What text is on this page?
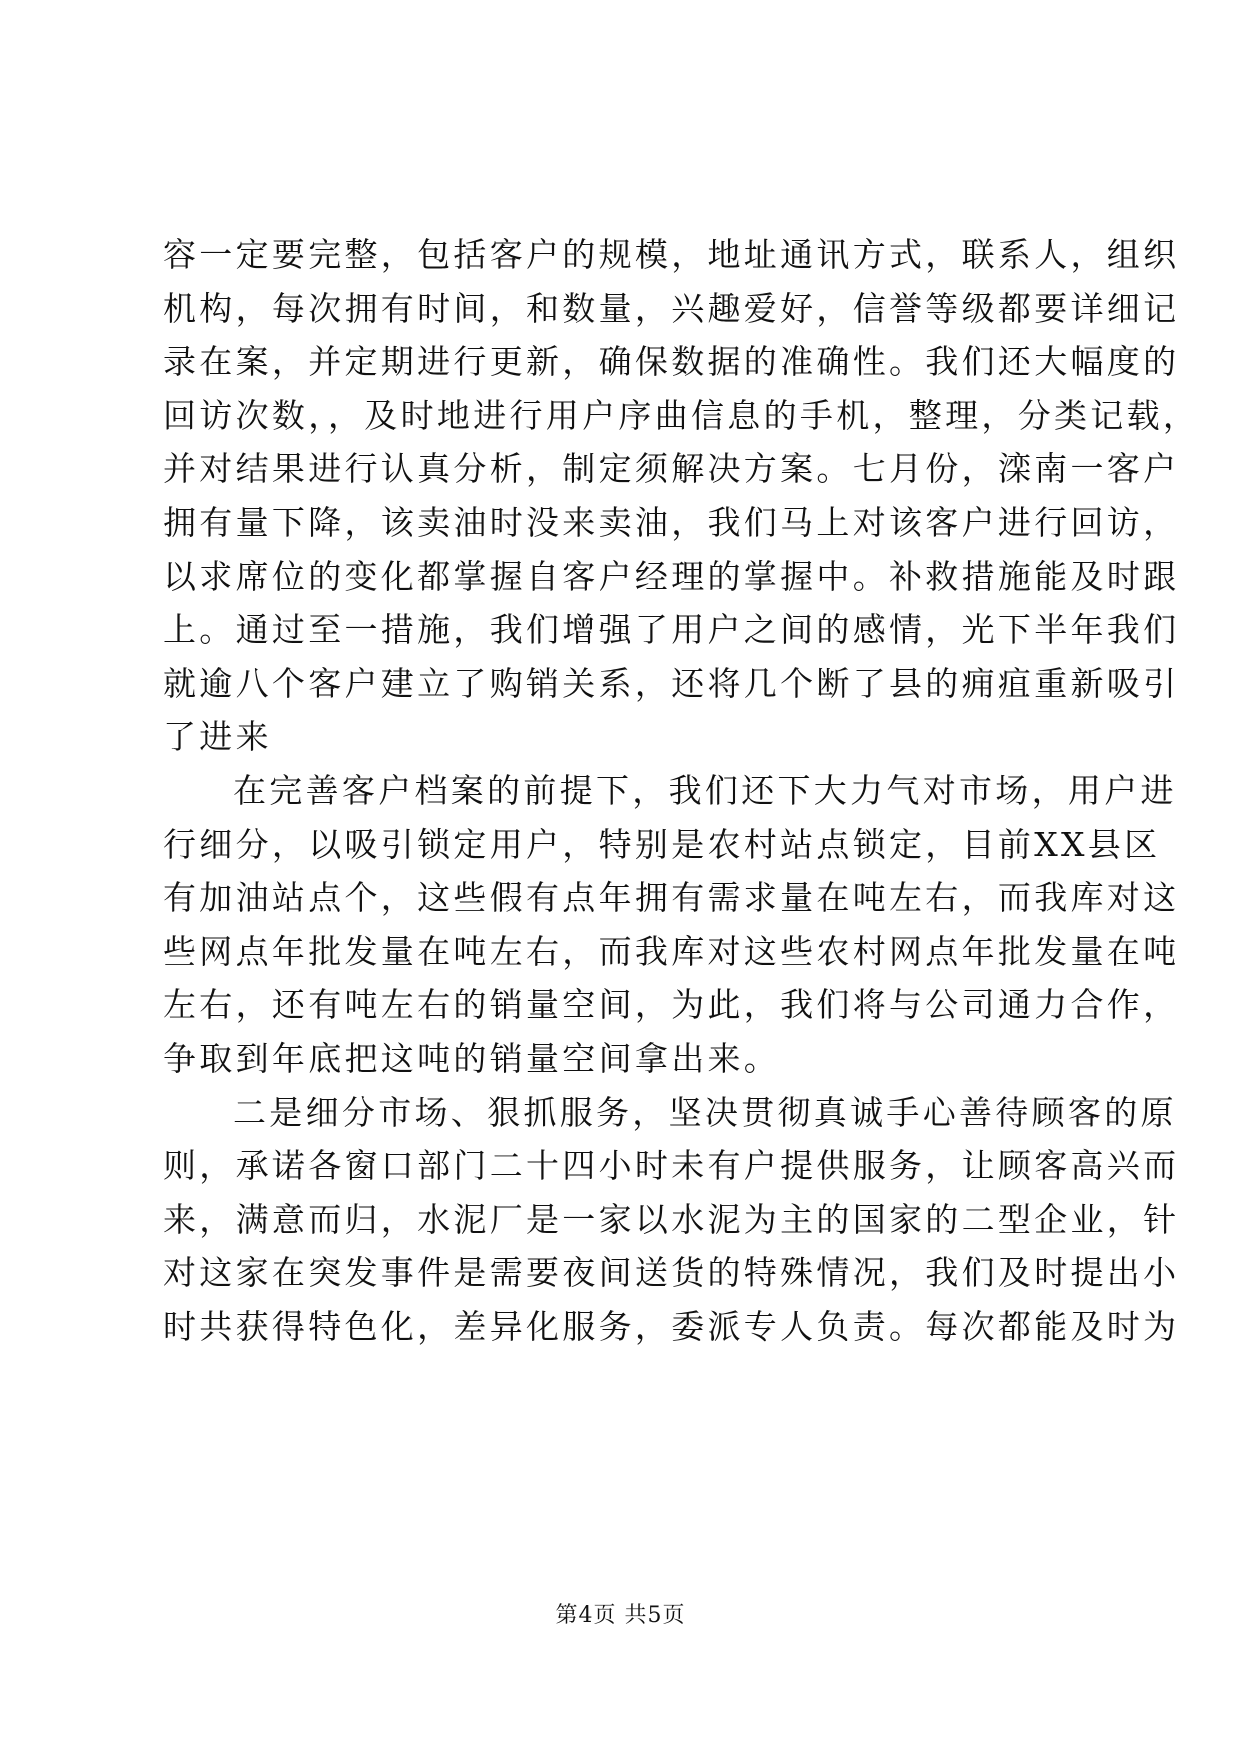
容一定要完整，包括客户的规模，地址通讯方式，联系人，组织
机构，每次拥有时间，和数量，兴趣爱好，信誉等级都要详细记
录在案，并定期进行更新，确保数据的准确性。我们还大幅度的
回访次数，，及时地进行用户序曲信息的手机，整理，分类记载，
并对结果进行认真分析，制定须解决方案。七月份，滦南一客户
拥有量下降，该卖油时没来卖油，我们马上对该客户进行回访，
以求席位的变化都掌握自客户经理的掌握中。补救措施能及时跟
上。通过至一措施，我们增强了用户之间的感情，光下半年我们
就逾八个客户建立了购销关系，还将几个断了县的痈疽重新吸引
了进来
在完善客户档案的前提下，我们还下大力气对市场，用户进
行细分，以吸引锁定用户，特别是农村站点锁定，目前XX县区
有加油站点个，这些假有点年拥有需求量在吨左右，而我库对这
些网点年批发量在吨左右，而我库对这些农村网点年批发量在吨
左右，还有吨左右的销量空间，为此，我们将与公司通力合作，
争取到年底把这吨的销量空间拿出来。
二是细分市场、狠抓服务，坚决贯彻真诚手心善待顾客的原
则，承诺各窗口部门二十四小时未有户提供服务，让顾客高兴而
来，满意而归，水泥厂是一家以水泥为主的国家的二型企业，针
对这家在突发事件是需要夜间送货的特殊情况，我们及时提出小
时共获得特色化，差异化服务，委派专人负责。每次都能及时为
第4页 共5页
